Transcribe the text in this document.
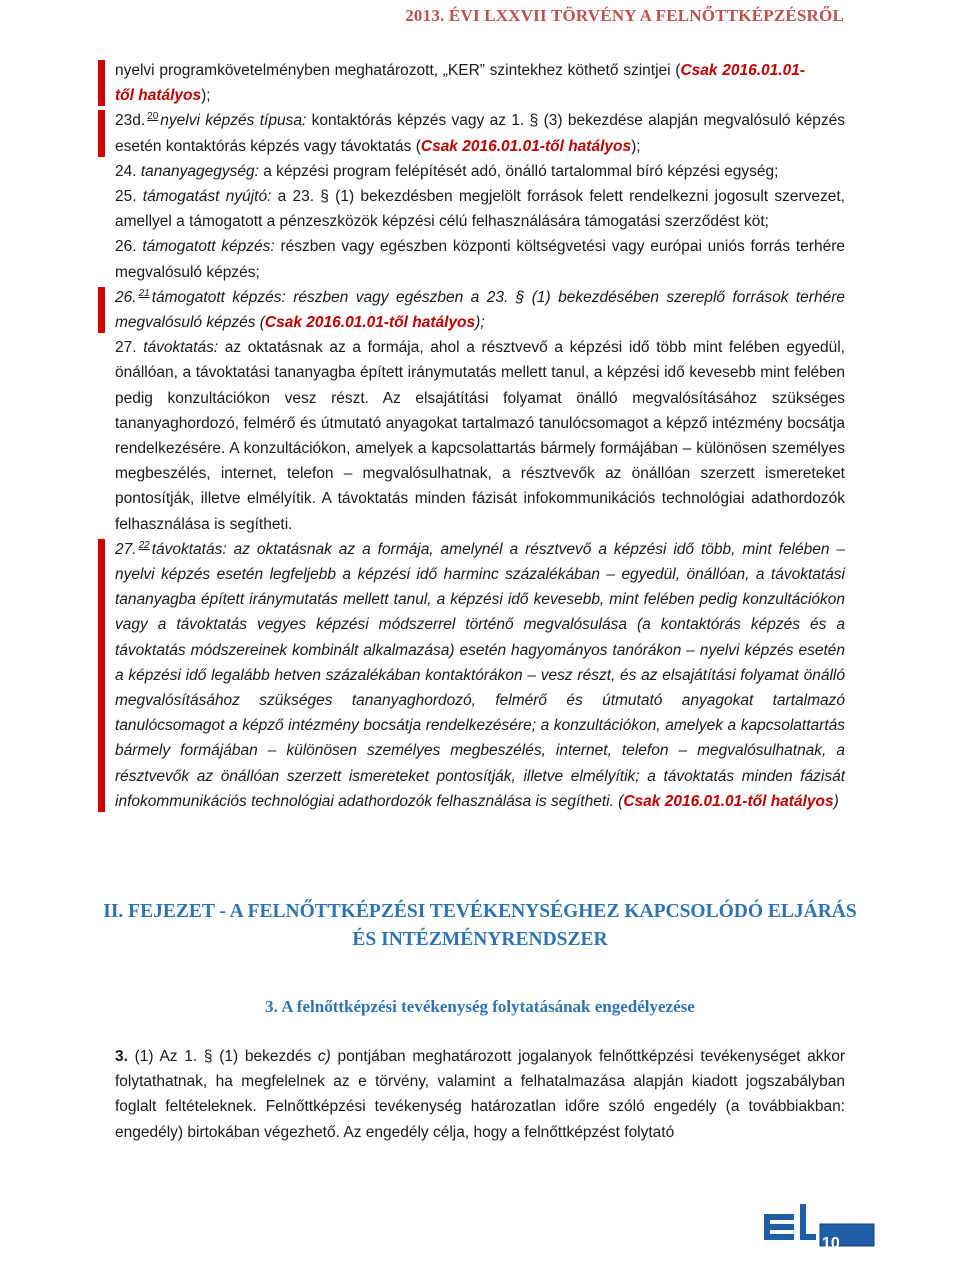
2013. ÉVI LXXVII TÖRVÉNY A FELNŐTTKÉPZÉSRŐL

nyelvi programkövetelményben meghatározott, „KER” szintekhez köthető szintjei (Csak 2016.01.01-től hatályos);

23d. $^{20}$ nyelvi képzés típusa: kontaktórás képzés vagy az 1. § (3) bekezdése alapján megvalósuló képzés esetén kontaktórás képzés vagy távoktatás (Csak 2016.01.01-től hatályos);

24. tananyagegység: a képzési program felépítését adó, önálló tartalommal bíró képzési egység;

25. támogatást nyújtó: a 23. § (1) bekezdésben megjelölt források felett rendelkezni jogosult szervezet, amellyel a támogatott a pénzeszközök képzési célú felhasználására támogatási szerződést köt;

26. támogatott képzés: részben vagy egészben központi költségvetési vagy európai uniós forrás terhére megvalósuló képzés;

26. $^{21}$ támogatott képzés: részben vagy egészben a 23. § (1) bekezdésében szereplő források terhére megvalósuló képzés (Csak 2016.01.01-től hatályos);

27. távoktatás: az oktatásnak az a formája, ahol a résztvevő a képzési idő több mint felében egyedül, önállóan, a távoktatási tananyagba épített iránymutatás mellett tanul, a képzési idő kevesebb mint felében pedig konzultációkon vesz részt. Az elsajátítási folyamat önálló megvalósításához szükséges tananyaghordozó, felmérő és útmutató anyagokat tartalmazó tanulócsomagot a képző intézmény bocsátja rendelkezésére. A konzultációkon, amelyek a kapcsolattartás bármely formájában – különösen személyes megbeszélés, internet, telefon – megvalósulhatnak, a résztvevők az önállóan szerzett ismereteket pontosítják, illetve elmélyítik. A távoktatás minden fázisát infokommunikációs technológiai adathordozók felhasználása is segítheti.

27. $^{22}$ távoktatás: az oktatásnak az a formája, amelynél a résztvevő a képzési idő több, mint felében – nyelvi képzés esetén legfeljebb a képzési idő harminc százalékában – egyedül, önállóan, a távoktatási tananyagba épített iránymutatás mellett tanul, a képzési idő kevesebb, mint felében pedig konzultációkon vagy a távoktatás vegyes képzési módszerrel történő megvalósulása (a kontaktórás képzés és a távoktatás módszereinek kombinált alkalmazása) esetén hagyományos tanórákon – nyelvi képzés esetén a képzési idő legalább hetven százalékában kontaktórákon – vesz részt, és az elsajátítási folyamat önálló megvalósításához szükséges tananyaghordozó, felmérő és útmutató anyagokat tartalmazó tanulócsomagot a képző intézmény bocsátja rendelkezésére; a konzultációkon, amelyek a kapcsolattartás bármely formájában – különösen személyes megbeszélés, internet, telefon – megvalósulhatnak, a résztvevők az önállóan szerzett ismereteket pontosítják, illetve elmélyítik; a távoktatás minden fázisát infokommunikációs technológiai adathordozók felhasználása is segítheti. (Csak 2016.01.01-től hatályos)

II. FEJEZET - A FELNŐTTKÉPZÉSI TEVÉKENYSÉGHEZ KAPCSOLÓDÓ ELJÁRÁS
ÉS INTÉZMÉNYRENDSZER
3. A felnőttképzési tevékenység folytatásának engedélyezése

3. (1) Az 1. § (1) bekezdés c) pontjában meghatározott jogalanyok felnőttképzési tevékenységet akkor folytathatnak, ha megfelelnek az e törvény, valamint a felhatalmazása alapján kiadott jogszabályban foglalt feltételeknek. Felnőttképzési tevékenység határozatlan időre szóló engedély (a továbbiakban: engedély) birtokában végezhető. Az engedély célja, hogy a felnőttképzést folytató

10
